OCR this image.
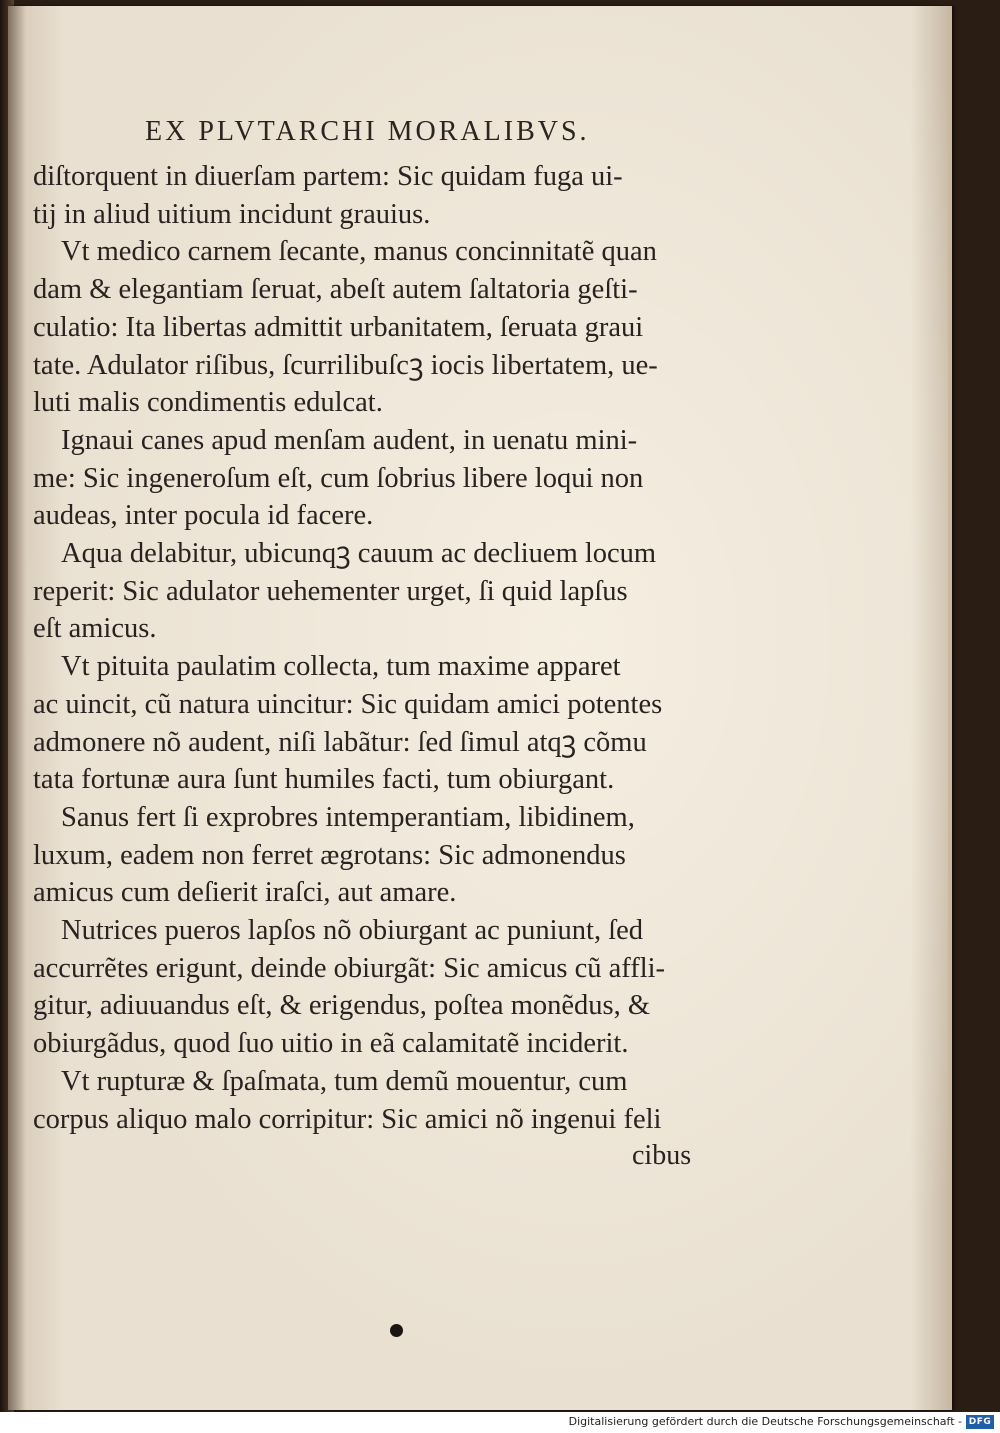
EX PLVTARCHI MORALIBVS.
diſtorquent in diuerſam partem: Sic quidam fuga ui-
tij in aliud uitium incidunt grauius.
Vt medico carnem ſecante, manus concinnitatẽ quan
dam & elegantiam ſeruat, abeſt autem ſaltatoria geſti-
culatio: Ita libertas admittit urbanitatem, ſeruata graui
tate. Adulator riſibus, ſcurrilibuſcꝫ iocis libertatem, ue-
luti malis condimentis edulcat.
Ignaui canes apud menſam audent, in uenatu mini-
me: Sic ingeneroſum eſt, cum ſobrius libere loqui non
audeas, inter pocula id facere.
Aqua delabitur, ubicunqꝫ cauum ac decliuem locum
reperit: Sic adulator uehementer urget, ſi quid lapſus
eſt amicus.
Vt pituita paulatim collecta, tum maxime apparet
ac uincit, cũ natura uincitur: Sic quidam amici potentes
admonere nõ audent, niſi labãtur: ſed ſimul atqꝫ cõmu
tata fortunæ aura ſunt humiles facti, tum obiurgant.
Sanus fert ſi exprobres intemperantiam, libidinem,
luxum, eadem non ferret ægrotans: Sic admonendus
amicus cum deſierit iraſci, aut amare.
Nutrices pueros lapſos nõ obiurgant ac puniunt, ſed
accurrẽtes erigunt, deinde obiurgãt: Sic amicus cũ affli-
gitur, adiuuandus eſt, & erigendus, poſtea monẽdus, &
obiurgãdus, quod ſuo uitio in eã calamitatẽ inciderit.
Vt rupturæ & ſpaſmata, tum demũ mouentur, cum
corpus aliquo malo corripitur: Sic amici nõ ingenui feli
cibus
Digitalisierung gefördert durch die Deutsche Forschungsgemeinschaft - DFG
